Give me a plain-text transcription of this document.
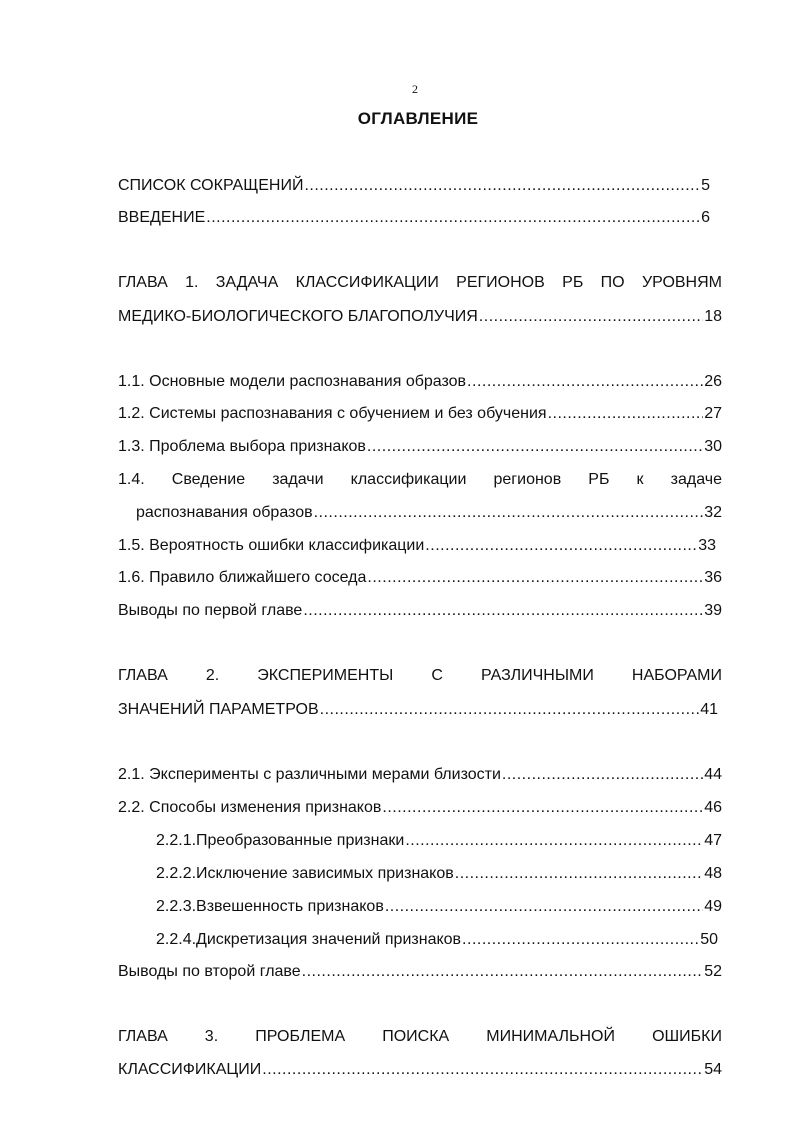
2
ОГЛАВЛЕНИЕ
СПИСОК СОКРАЩЕНИЙ .....	5
ВВЕДЕНИЕ .....	6
ГЛАВА 1. ЗАДАЧА КЛАССИФИКАЦИИ РЕГИОНОВ РБ ПО УРОВНЯМ
МЕДИКО-БИОЛОГИЧЕСКОГО БЛАГОПОЛУЧИЯ .....	18
1.1. Основные модели распознавания образов .....	26
1.2. Системы распознавания с обучением и без обучения .....	27
1.3. Проблема выбора признаков .....	30
1.4. Сведение задачи классификации регионов РБ к задаче
распознавания образов .....	32
1.5. Вероятность ошибки классификации .....	33
1.6. Правило ближайшего соседа .....	36
Выводы по первой главе .....	39
ГЛАВА 2. ЭКСПЕРИМЕНТЫ С РАЗЛИЧНЫМИ НАБОРАМИ
ЗНАЧЕНИЙ ПАРАМЕТРОВ .....	41
2.1. Эксперименты с различными мерами близости .....	44
2.2. Способы изменения признаков .....	46
2.2.1.Преобразованные признаки .....	47
2.2.2.Исключение зависимых признаков .....	48
2.2.3.Взвешенность признаков .....	49
2.2.4.Дискретизация значений признаков .....	50
Выводы по второй главе .....	52
ГЛАВА 3. ПРОБЛЕМА ПОИСКА МИНИМАЛЬНОЙ ОШИБКИ
КЛАССИФИКАЦИИ .....	54
